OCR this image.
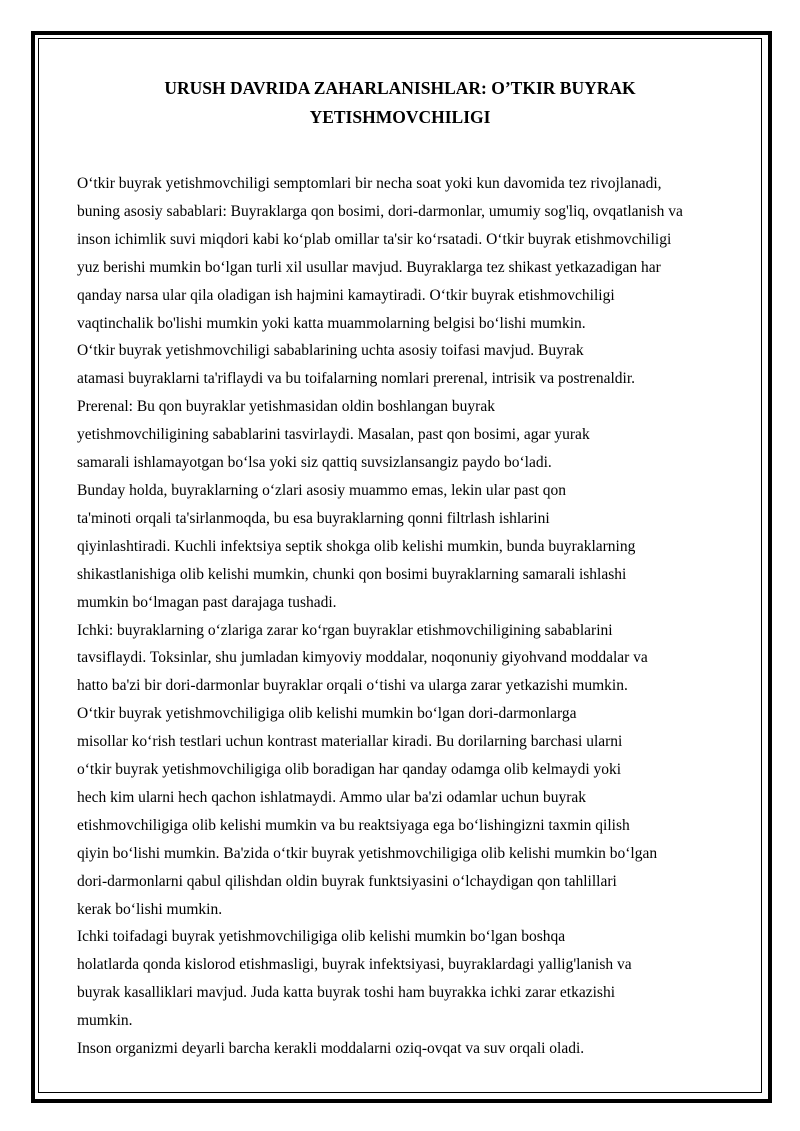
URUSH DAVRIDA ZAHARLANISHLAR: O’TKIR BUYRAK
YETISHMOVCHILIGI
O‘tkir buyrak yetishmovchiligi semptomlari bir necha soat yoki kun davomida tez rivojlanadi,
buning asosiy sabablari: Buyraklarga qon bosimi, dori-darmonlar, umumiy sog'liq, ovqatlanish va
inson ichimlik suvi miqdori kabi ko‘plab omillar ta'sir ko‘rsatadi. O‘tkir buyrak etishmovchiligi
yuz berishi mumkin bo‘lgan turli xil usullar mavjud. Buyraklarga tez shikast yetkazadigan har
qanday narsa ular qila oladigan ish hajmini kamaytiradi. O‘tkir buyrak etishmovchiligi
vaqtinchalik bo'lishi mumkin yoki katta muammolarning belgisi bo‘lishi mumkin.
O‘tkir buyrak yetishmovchiligi sabablarining uchta asosiy toifasi mavjud. Buyrak
atamasi buyraklarni ta'riflaydi va bu toifalarning nomlari prerenal, intrisik va postrenaldir.
Prerenal: Bu qon buyraklar yetishmasidan oldin boshlangan buyrak
yetishmovchiligining sabablarini tasvirlaydi. Masalan, past qon bosimi, agar yurak
samarali ishlamayotgan bo‘lsa yoki siz qattiq suvsizlansangiz paydo bo‘ladi.
Bunday holda, buyraklarning o‘zlari asosiy muammo emas, lekin ular past qon
ta'minoti orqali ta'sirlanmoqda, bu esa buyraklarning qonni filtrlash ishlarini
qiyinlashtiradi. Kuchli infektsiya septik shokga olib kelishi mumkin, bunda buyraklarning
shikastlanishiga olib kelishi mumkin, chunki qon bosimi buyraklarning samarali ishlashi
mumkin bo‘lmagan past darajaga tushadi.
Ichki: buyraklarning o‘zlariga zarar ko‘rgan buyraklar etishmovchiligining sabablarini
tavsiflaydi. Toksinlar, shu jumladan kimyoviy moddalar, noqonuniy giyohvand moddalar va
hatto ba'zi bir dori-darmonlar buyraklar orqali o‘tishi va ularga zarar yetkazishi mumkin.
O‘tkir buyrak yetishmovchiligiga olib kelishi mumkin bo‘lgan dori-darmonlarga
misollar ko‘rish testlari uchun kontrast materiallar kiradi. Bu dorilarning barchasi ularni
o‘tkir buyrak yetishmovchiligiga olib boradigan har qanday odamga olib kelmaydi yoki
hech kim ularni hech qachon ishlatmaydi. Ammo ular ba'zi odamlar uchun buyrak
etishmovchiligiga olib kelishi mumkin va bu reaktsiyaga ega bo‘lishingizni taxmin qilish
qiyin bo‘lishi mumkin. Ba'zida o‘tkir buyrak yetishmovchiligiga olib kelishi mumkin bo‘lgan
dori-darmonlarni qabul qilishdan oldin buyrak funktsiyasini o‘lchaydigan qon tahlillari
kerak bo‘lishi mumkin.
Ichki toifadagi buyrak yetishmovchiligiga olib kelishi mumkin bo‘lgan boshqa
holatlarda qonda kislorod etishmasligi, buyrak infektsiyasi, buyraklardagi yallig'lanish va
buyrak kasalliklari mavjud. Juda katta buyrak toshi ham buyrakka ichki zarar etkazishi
mumkin.
Inson organizmi deyarli barcha kerakli moddalarni oziq-ovqat va suv orqali oladi.
